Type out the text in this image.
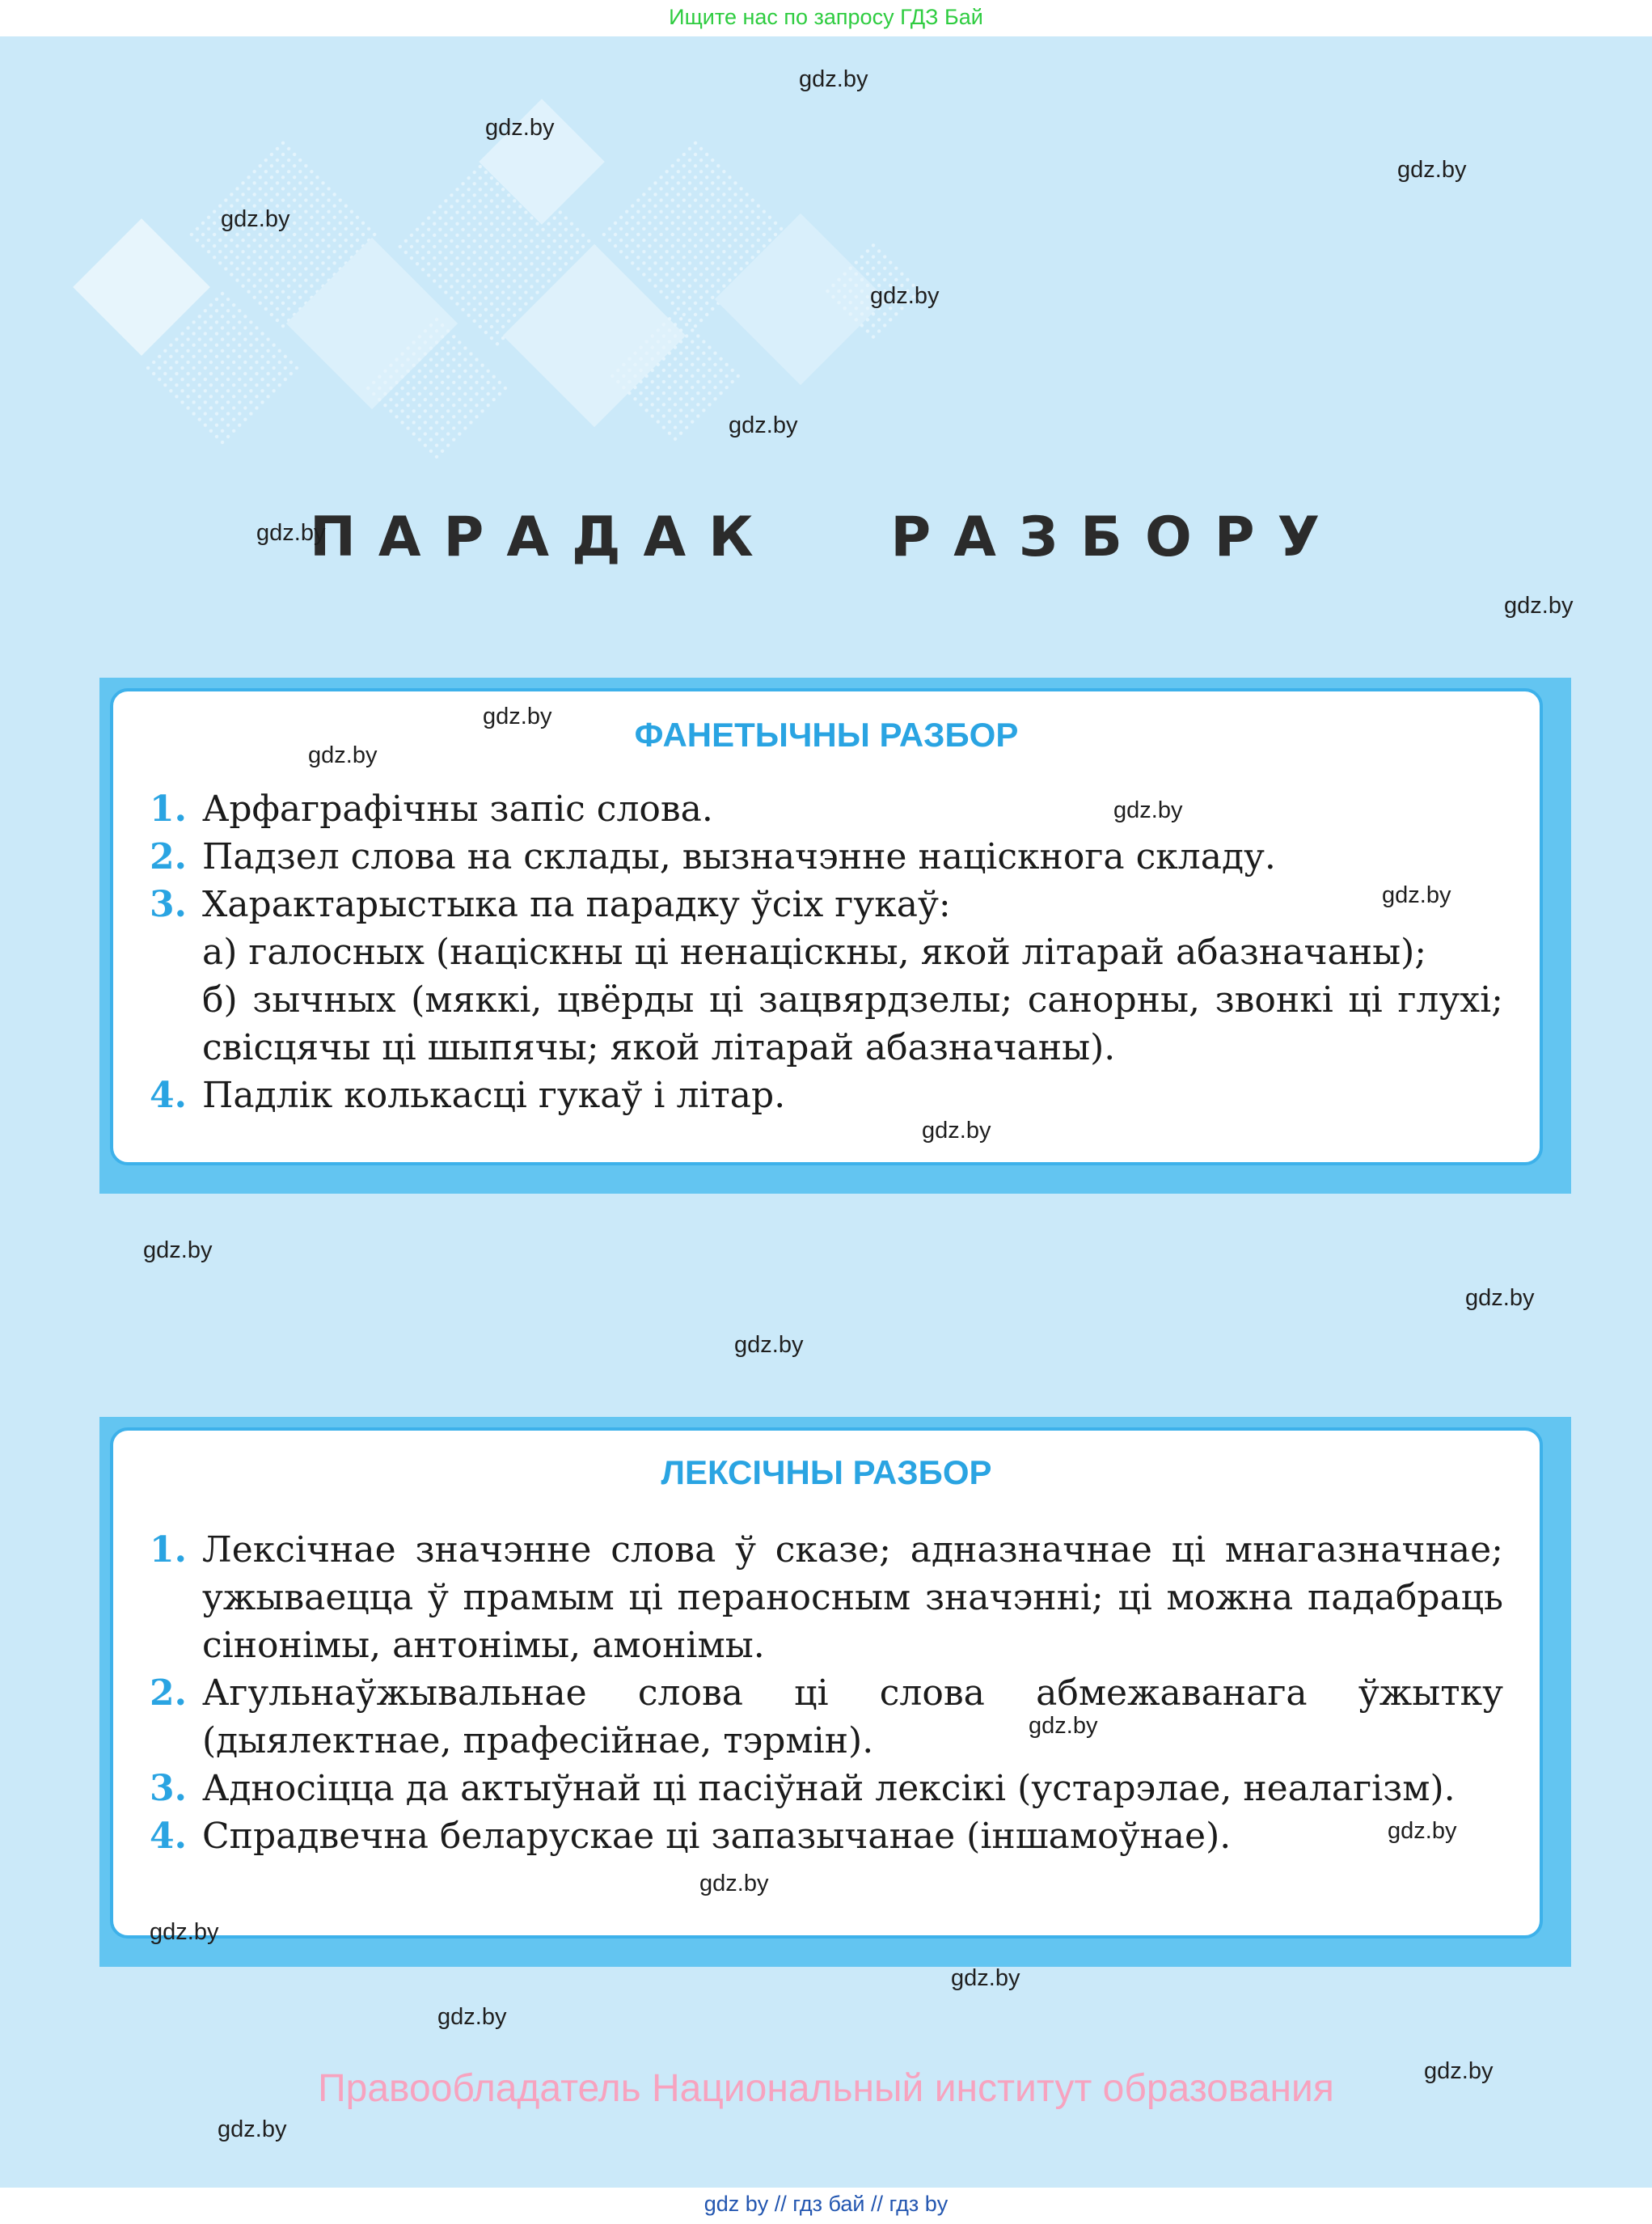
Ищите нас по запросу ГДЗ Бай
ПАРАДАК РАЗБОРУ
ФАНЕТЫЧНЫ РАЗБОР
1. Арфаграфічны запіс слова.
2. Падзел слова на склады, вызначэнне націскнога складу.
3. Характарыстыка па парадку ўсіх гукаў:
а) галосных (націскны ці ненаціскны, якой літарай абазначаны);
б) зычных (мяккі, цвёрды ці зацвярдзелы; санорны, звонкі ці глухі; свісцячы ці шыпячы; якой літарай абазначаны).
4. Падлік колькасці гукаў і літар.
ЛЕКСІЧНЫ РАЗБОР
1. Лексічнае значэнне слова ў сказе; адназначнае ці мнагазначнае; ужываецца ў прамым ці пераносным значэнні; ці можна падабраць сінонімы, антонімы, амонімы.
2. Агульнаўжывальнае слова ці слова абмежаванага ўжытку (дыялектнае, прафесійнае, тэрмін).
3. Адносіцца да актыўнай ці пасіўнай лексікі (устарэлае, неалагізм).
4. Спрадвечна беларускае ці запазычанае (іншамоўнае).
gdz.by
gdz.by
gdz.by
gdz.by
gdz.by
gdz.by
gdz.by
gdz.by
gdz.by
gdz.by
gdz.by
gdz.by
gdz.by
gdz.by
gdz.by
gdz.by
gdz.by
gdz.by
gdz.by
gdz.by
gdz.by
gdz.by
gdz.by
gdz.by
Правообладатель Национальный институт образования
gdz by // гдз бай // гдз by
